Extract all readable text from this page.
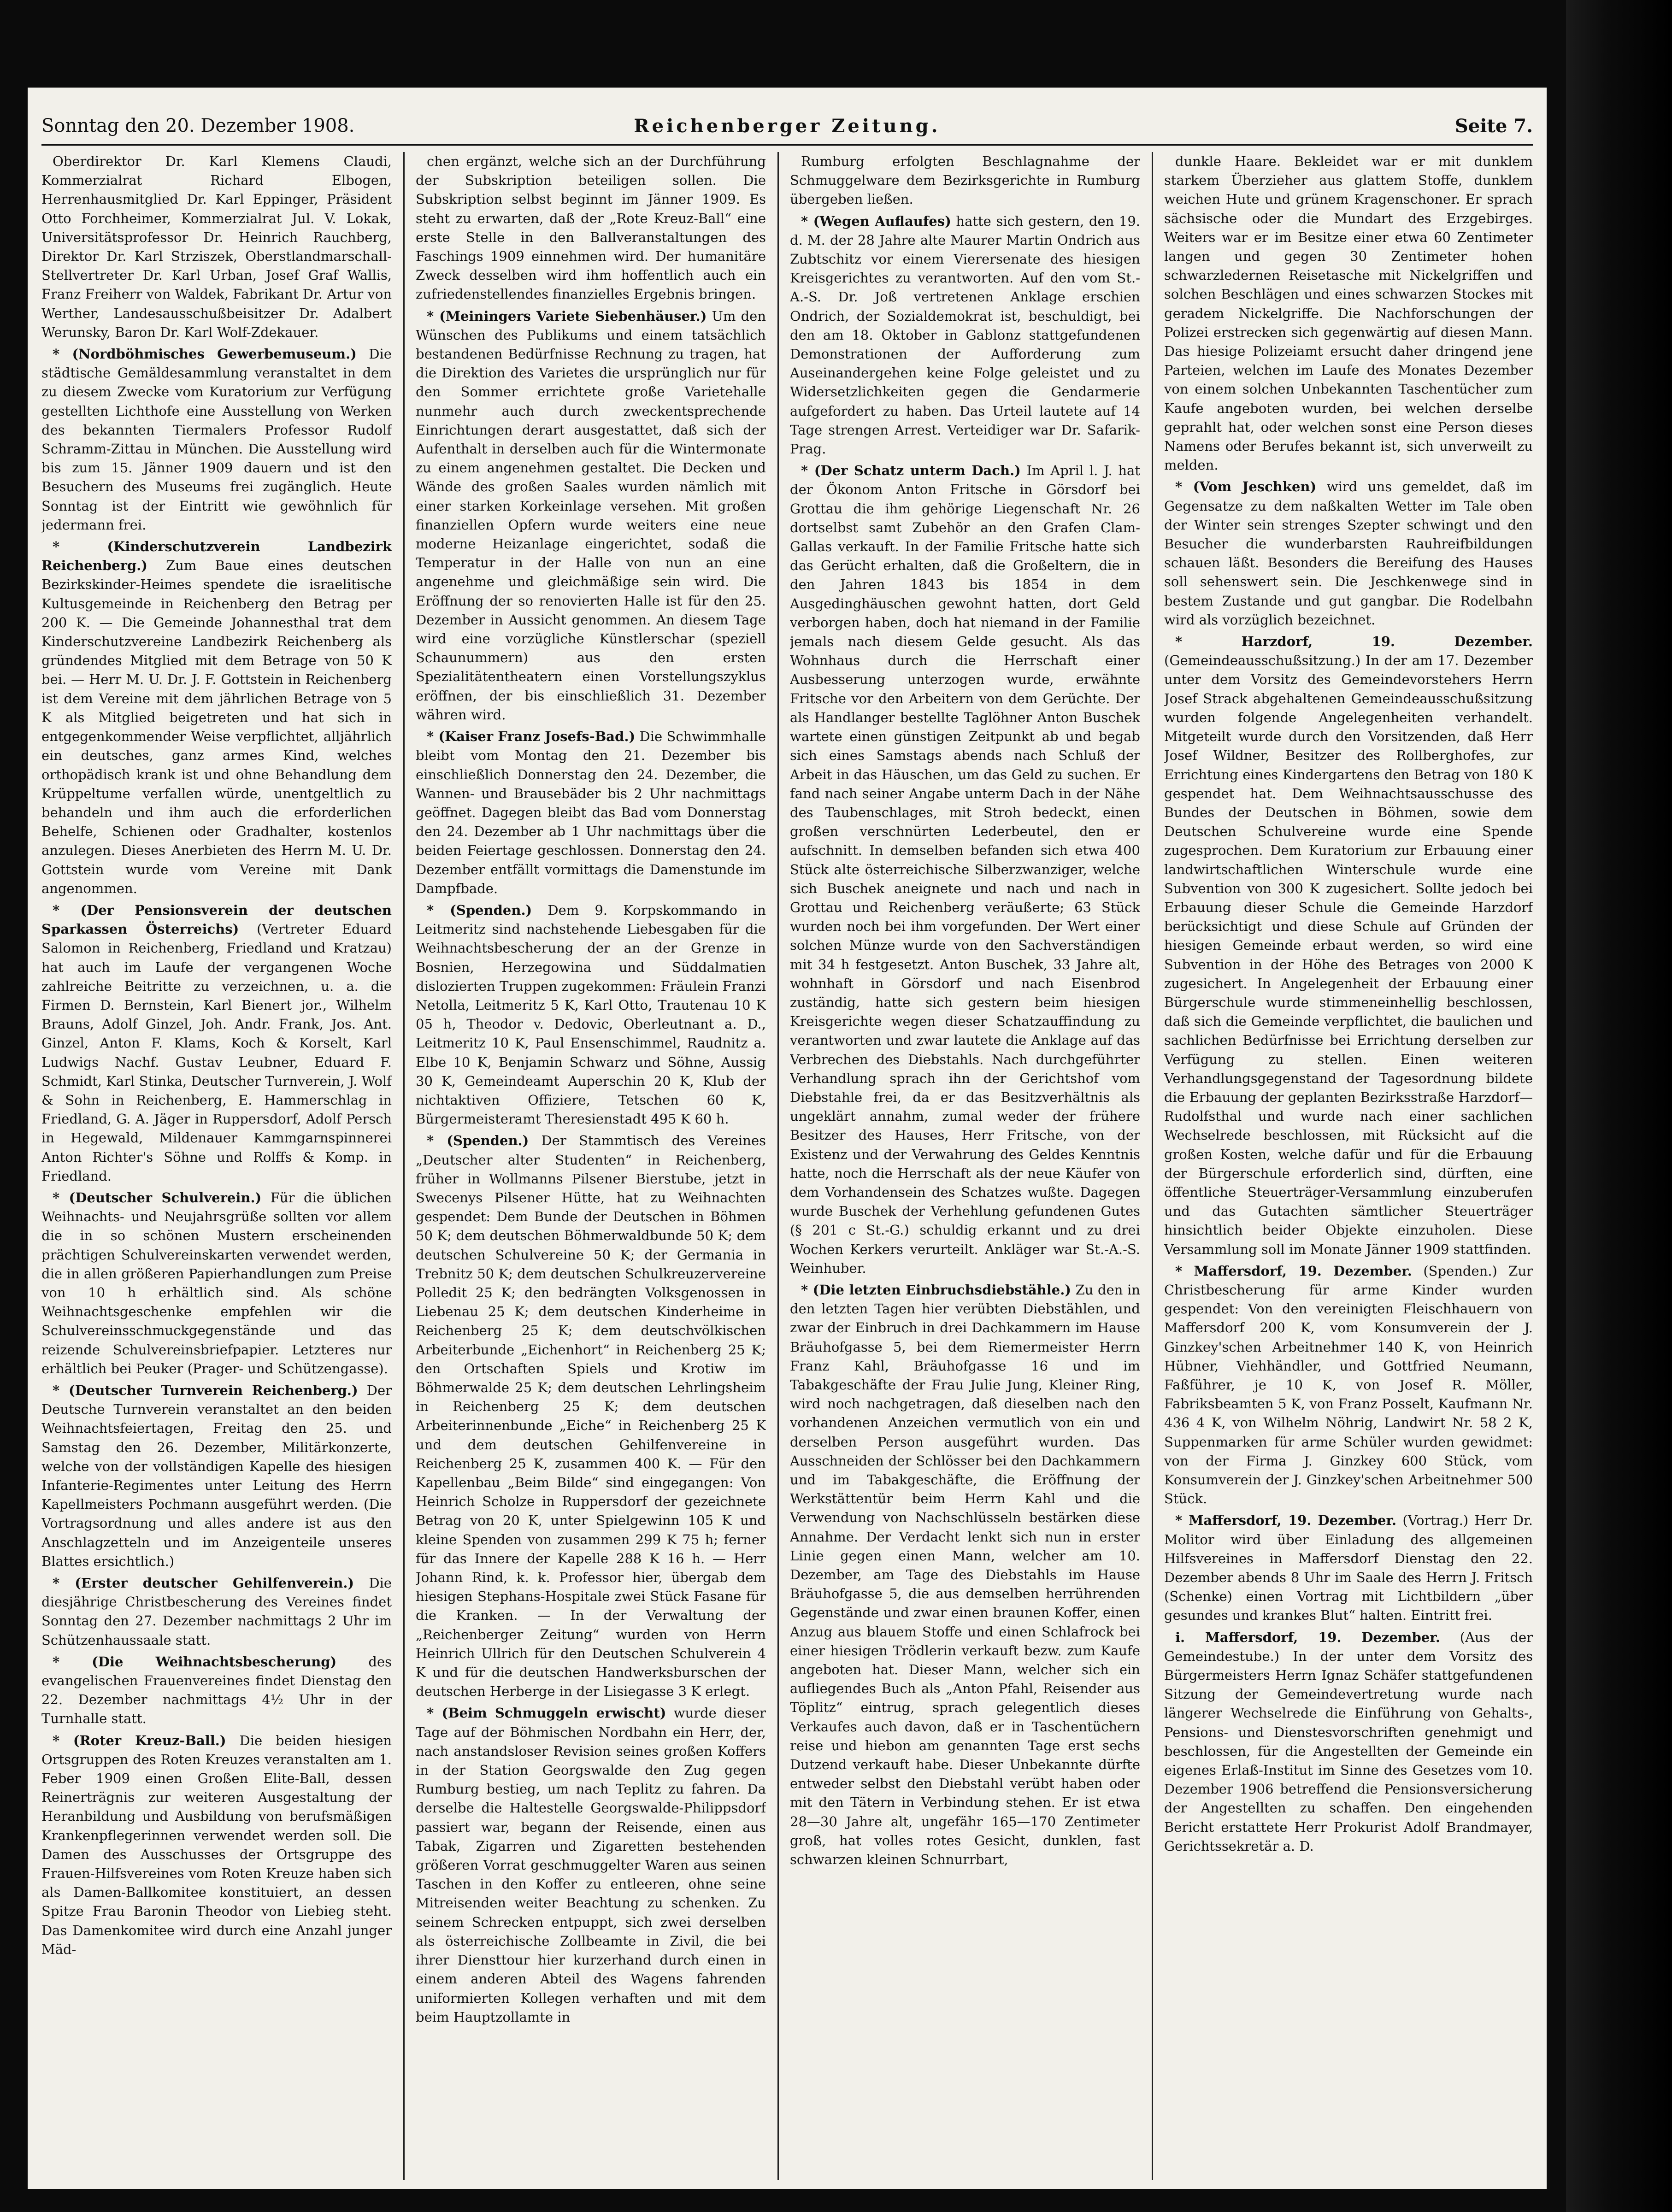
Sonntag den 20. Dezember 1908.	Reichenberger Zeitung.	Seite 7.

Oberdirektor Dr. Karl Klemens Claudi, Kommerzialrat Richard Elbogen, Herrenhausmitglied Dr. Karl Eppinger, Präsident Otto Forchheimer, Kommerzialrat Jul. V. Lokak, Universitätsprofessor Dr. Heinrich Rauchberg, Direktor Dr. Karl Strziszek, Oberstlandmarschall-Stellvertreter Dr. Karl Urban, Josef Graf Wallis, Franz Freiherr von Waldek, Fabrikant Dr. Artur von Werther, Landesausschußbeisitzer Dr. Adalbert Werunsky, Baron Dr. Karl Wolf-Zdekauer.

* (Nordböhmisches Gewerbemuseum.) Die städtische Gemäldesammlung veranstaltet in dem zu diesem Zwecke vom Kuratorium zur Verfügung gestellten Lichthofe eine Ausstellung von Werken des bekannten Tiermalers Professor Rudolf Schramm-Zittau in München. Die Ausstellung wird bis zum 15. Jänner 1909 dauern und ist den Besuchern des Museums frei zugänglich. Heute Sonntag ist der Eintritt wie gewöhnlich für jedermann frei.

* (Kinderschutzverein Landbezirk Reichenberg.) Zum Baue eines deutschen Bezirkskinder-Heimes spendete die israelitische Kultusgemeinde in Reichenberg den Betrag per 200 K. — Die Gemeinde Johannesthal trat dem Kinderschutzvereine Landbezirk Reichenberg als gründendes Mitglied mit dem Betrage von 50 K bei. — Herr M. U. Dr. J. F. Gottstein in Reichenberg ist dem Vereine mit dem jährlichen Betrage von 5 K als Mitglied beigetreten und hat sich in entgegenkommender Weise verpflichtet, alljährlich ein deutsches, ganz armes Kind, welches orthopädisch krank ist und ohne Behandlung dem Krüppeltume verfallen würde, unentgeltlich zu behandeln und ihm auch die erforderlichen Behelfe, Schienen oder Gradhalter, kostenlos anzulegen. Dieses Anerbieten des Herrn M. U. Dr. Gottstein wurde vom Vereine mit Dank angenommen.

* (Der Pensionsverein der deutschen Sparkassen Österreichs) (Vertreter Eduard Salomon in Reichenberg, Friedland und Kratzau) hat auch im Laufe der vergangenen Woche zahlreiche Beitritte zu verzeichnen, u. a. die Firmen D. Bernstein, Karl Bienert jor., Wilhelm Brauns, Adolf Ginzel, Joh. Andr. Frank, Jos. Ant. Ginzel, Anton F. Klams, Koch & Korselt, Karl Ludwigs Nachf. Gustav Leubner, Eduard F. Schmidt, Karl Stinka, Deutscher Turnverein, J. Wolf & Sohn in Reichenberg, E. Hammerschlag in Friedland, G. A. Jäger in Ruppersdorf, Adolf Persch in Hegewald, Mildenauer Kammgarnspinnerei Anton Richter's Söhne und Rolffs & Komp. in Friedland.

* (Deutscher Schulverein.) Für die üblichen Weihnachts- und Neujahrsgrüße sollten vor allem die in so schönen Mustern erscheinenden prächtigen Schulvereinskarten verwendet werden, die in allen größeren Papierhandlungen zum Preise von 10 h erhältlich sind. Als schöne Weihnachtsgeschenke empfehlen wir die Schulvereinsschmuckgegenstände und das reizende Schulvereinsbriefpapier. Letzteres nur erhältlich bei Peuker (Prager- und Schützengasse).

* (Deutscher Turnverein Reichenberg.) Der Deutsche Turnverein veranstaltet an den beiden Weihnachtsfeiertagen, Freitag den 25. und Samstag den 26. Dezember, Militärkonzerte, welche von der vollständigen Kapelle des hiesigen Infanterie-Regimentes unter Leitung des Herrn Kapellmeisters Pochmann ausgeführt werden. (Die Vortragsordnung und alles andere ist aus den Anschlagzetteln und im Anzeigenteile unseres Blattes ersichtlich.)

* (Erster deutscher Gehilfenverein.) Die diesjährige Christbescherung des Vereines findet Sonntag den 27. Dezember nachmittags 2 Uhr im Schützenhaussaale statt.

* (Die Weihnachtsbescherung) des evangelischen Frauenvereines findet Dienstag den 22. Dezember nachmittags 4½ Uhr in der Turnhalle statt.

* (Roter Kreuz-Ball.) Die beiden hiesigen Ortsgruppen des Roten Kreuzes veranstalten am 1. Feber 1909 einen Großen Elite-Ball, dessen Reinerträgnis zur weiteren Ausgestaltung der Heranbildung und Ausbildung von berufsmäßigen Krankenpflegerinnen verwendet werden soll. Die Damen des Ausschusses der Ortsgruppe des Frauen-Hilfsvereines vom Roten Kreuze haben sich als Damen-Ballkomitee konstituiert, an dessen Spitze Frau Baronin Theodor von Liebieg steht. Das Damenkomitee wird durch eine Anzahl junger Mäd-

chen ergänzt, welche sich an der Durchführung der Subskription beteiligen sollen. Die Subskription selbst beginnt im Jänner 1909. Es steht zu erwarten, daß der „Rote Kreuz-Ball“ eine erste Stelle in den Ballveranstaltungen des Faschings 1909 einnehmen wird. Der humanitäre Zweck desselben wird ihm hoffentlich auch ein zufriedenstellendes finanzielles Ergebnis bringen.

* (Meiningers Variete Siebenhäuser.) Um den Wünschen des Publikums und einem tatsächlich bestandenen Bedürfnisse Rechnung zu tragen, hat die Direktion des Varietes die ursprünglich nur für den Sommer errichtete große Varietehalle nunmehr auch durch zweckentsprechende Einrichtungen derart ausgestattet, daß sich der Aufenthalt in derselben auch für die Wintermonate zu einem angenehmen gestaltet. Die Decken und Wände des großen Saales wurden nämlich mit einer starken Korkeinlage versehen. Mit großen finanziellen Opfern wurde weiters eine neue moderne Heizanlage eingerichtet, sodaß die Temperatur in der Halle von nun an eine angenehme und gleichmäßige sein wird. Die Eröffnung der so renovierten Halle ist für den 25. Dezember in Aussicht genommen. An diesem Tage wird eine vorzügliche Künstlerschar (speziell Schaunummern) aus den ersten Spezialitätentheatern einen Vorstellungszyklus eröffnen, der bis einschließlich 31. Dezember währen wird.

* (Kaiser Franz Josefs-Bad.) Die Schwimmhalle bleibt vom Montag den 21. Dezember bis einschließlich Donnerstag den 24. Dezember, die Wannen- und Brausebäder bis 2 Uhr nachmittags geöffnet. Dagegen bleibt das Bad vom Donnerstag den 24. Dezember ab 1 Uhr nachmittags über die beiden Feiertage geschlossen. Donnerstag den 24. Dezember entfällt vormittags die Damenstunde im Dampfbade.

* (Spenden.) Dem 9. Korpskommando in Leitmeritz sind nachstehende Liebesgaben für die Weihnachtsbescherung der an der Grenze in Bosnien, Herzegowina und Süddalmatien dislozierten Truppen zugekommen: Fräulein Franzi Netolla, Leitmeritz 5 K, Karl Otto, Trautenau 10 K 05 h, Theodor v. Dedovic, Oberleutnant a. D., Leitmeritz 10 K, Paul Ensenschimmel, Raudnitz a. Elbe 10 K, Benjamin Schwarz und Söhne, Aussig 30 K, Gemeindeamt Auperschin 20 K, Klub der nichtaktiven Offiziere, Tetschen 60 K, Bürgermeisteramt Theresienstadt 495 K 60 h.

* (Spenden.) Der Stammtisch des Vereines „Deutscher alter Studenten“ in Reichenberg, früher in Wollmanns Pilsener Bierstube, jetzt in Swecenys Pilsener Hütte, hat zu Weihnachten gespendet: Dem Bunde der Deutschen in Böhmen 50 K; dem deutschen Böhmerwaldbunde 50 K; dem deutschen Schulvereine 50 K; der Germania in Trebnitz 50 K; dem deutschen Schulkreuzervereine Polledit 25 K; den bedrängten Volksgenossen in Liebenau 25 K; dem deutschen Kinderheime in Reichenberg 25 K; dem deutschvölkischen Arbeiterbunde „Eichenhort“ in Reichenberg 25 K; den Ortschaften Spiels und Krotiw im Böhmerwalde 25 K; dem deutschen Lehrlingsheim in Reichenberg 25 K; dem deutschen Arbeiterinnenbunde „Eiche“ in Reichenberg 25 K und dem deutschen Gehilfenvereine in Reichenberg 25 K, zusammen 400 K. — Für den Kapellenbau „Beim Bilde“ sind eingegangen: Von Heinrich Scholze in Ruppersdorf der gezeichnete Betrag von 20 K, unter Spielgewinn 105 K und kleine Spenden von zusammen 299 K 75 h; ferner für das Innere der Kapelle 288 K 16 h. — Herr Johann Rind, k. k. Professor hier, übergab dem hiesigen Stephans-Hospitale zwei Stück Fasane für die Kranken. — In der Verwaltung der „Reichenberger Zeitung“ wurden von Herrn Heinrich Ullrich für den Deutschen Schulverein 4 K und für die deutschen Handwerksburschen der deutschen Herberge in der Lisiegasse 3 K erlegt.

* (Beim Schmuggeln erwischt) wurde dieser Tage auf der Böhmischen Nordbahn ein Herr, der, nach anstandsloser Revision seines großen Koffers in der Station Georgswalde den Zug gegen Rumburg bestieg, um nach Teplitz zu fahren. Da derselbe die Haltestelle Georgswalde-Philippsdorf passiert war, begann der Reisende, einen aus Tabak, Zigarren und Zigaretten bestehenden größeren Vorrat geschmuggelter Waren aus seinen Taschen in den Koffer zu entleeren, ohne seine Mitreisenden weiter Beachtung zu schenken. Zu seinem Schrecken entpuppt, sich zwei derselben als österreichische Zollbeamte in Zivil, die bei ihrer Diensttour hier kurzerhand durch einen in einem anderen Abteil des Wagens fahrenden uniformierten Kollegen verhaften und mit dem beim Hauptzollamte in

Rumburg erfolgten Beschlagnahme der Schmuggelware dem Bezirksgerichte in Rumburg übergeben ließen.

* (Wegen Auflaufes) hatte sich gestern, den 19. d. M. der 28 Jahre alte Maurer Martin Ondrich aus Zubtschitz vor einem Vierersenate des hiesigen Kreisgerichtes zu verantworten. Auf den vom St.-A.-S. Dr. Joß vertretenen Anklage erschien Ondrich, der Sozialdemokrat ist, beschuldigt, bei den am 18. Oktober in Gablonz stattgefundenen Demonstrationen der Aufforderung zum Auseinandergehen keine Folge geleistet und zu Widersetzlichkeiten gegen die Gendarmerie aufgefordert zu haben. Das Urteil lautete auf 14 Tage strengen Arrest. Verteidiger war Dr. Safarik-Prag.

* (Der Schatz unterm Dach.) Im April l. J. hat der Ökonom Anton Fritsche in Görsdorf bei Grottau die ihm gehörige Liegenschaft Nr. 26 dortselbst samt Zubehör an den Grafen Clam-Gallas verkauft. In der Familie Fritsche hatte sich das Gerücht erhalten, daß die Großeltern, die in den Jahren 1843 bis 1854 in dem Ausgedinghäuschen gewohnt hatten, dort Geld verborgen haben, doch hat niemand in der Familie jemals nach diesem Gelde gesucht. Als das Wohnhaus durch die Herrschaft einer Ausbesserung unterzogen wurde, erwähnte Fritsche vor den Arbeitern von dem Gerüchte. Der als Handlanger bestellte Taglöhner Anton Buschek wartete einen günstigen Zeitpunkt ab und begab sich eines Samstags abends nach Schluß der Arbeit in das Häuschen, um das Geld zu suchen. Er fand nach seiner Angabe unterm Dach in der Nähe des Taubenschlages, mit Stroh bedeckt, einen großen verschnürten Lederbeutel, den er aufschnitt. In demselben befanden sich etwa 400 Stück alte österreichische Silberzwanziger, welche sich Buschek aneignete und nach und nach in Grottau und Reichenberg veräußerte; 63 Stück wurden noch bei ihm vorgefunden. Der Wert einer solchen Münze wurde von den Sachverständigen mit 34 h festgesetzt. Anton Buschek, 33 Jahre alt, wohnhaft in Görsdorf und nach Eisenbrod zuständig, hatte sich gestern beim hiesigen Kreisgerichte wegen dieser Schatzauffindung zu verantworten und zwar lautete die Anklage auf das Verbrechen des Diebstahls. Nach durchgeführter Verhandlung sprach ihn der Gerichtshof vom Diebstahle frei, da er das Besitzverhältnis als ungeklärt annahm, zumal weder der frühere Besitzer des Hauses, Herr Fritsche, von der Existenz und der Verwahrung des Geldes Kenntnis hatte, noch die Herrschaft als der neue Käufer von dem Vorhandensein des Schatzes wußte. Dagegen wurde Buschek der Verhehlung gefundenen Gutes (§ 201 c St.-G.) schuldig erkannt und zu drei Wochen Kerkers verurteilt. Ankläger war St.-A.-S. Weinhuber.

* (Die letzten Einbruchsdiebstähle.) Zu den in den letzten Tagen hier verübten Diebstählen, und zwar der Einbruch in drei Dachkammern im Hause Bräuhofgasse 5, bei dem Riemermeister Herrn Franz Kahl, Bräuhofgasse 16 und im Tabakgeschäfte der Frau Julie Jung, Kleiner Ring, wird noch nachgetragen, daß dieselben nach den vorhandenen Anzeichen vermutlich von ein und derselben Person ausgeführt wurden. Das Ausschneiden der Schlösser bei den Dachkammern und im Tabakgeschäfte, die Eröffnung der Werkstättentür beim Herrn Kahl und die Verwendung von Nachschlüsseln bestärken diese Annahme. Der Verdacht lenkt sich nun in erster Linie gegen einen Mann, welcher am 10. Dezember, am Tage des Diebstahls im Hause Bräuhofgasse 5, die aus demselben herrührenden Gegenstände und zwar einen braunen Koffer, einen Anzug aus blauem Stoffe und einen Schlafrock bei einer hiesigen Trödlerin verkauft bezw. zum Kaufe angeboten hat. Dieser Mann, welcher sich ein aufliegendes Buch als „Anton Pfahl, Reisender aus Töplitz“ eintrug, sprach gelegentlich dieses Verkaufes auch davon, daß er in Taschentüchern reise und hiebon am genannten Tage erst sechs Dutzend verkauft habe. Dieser Unbekannte dürfte entweder selbst den Diebstahl verübt haben oder mit den Tätern in Verbindung stehen. Er ist etwa 28—30 Jahre alt, ungefähr 165—170 Zentimeter groß, hat volles rotes Gesicht, dunklen, fast schwarzen kleinen Schnurrbart,

dunkle Haare. Bekleidet war er mit dunklem starkem Überzieher aus glattem Stoffe, dunklem weichen Hute und grünem Kragenschoner. Er sprach sächsische oder die Mundart des Erzgebirges. Weiters war er im Besitze einer etwa 60 Zentimeter langen und gegen 30 Zentimeter hohen schwarzledernen Reisetasche mit Nickelgriffen und solchen Beschlägen und eines schwarzen Stockes mit geradem Nickelgriffe. Die Nachforschungen der Polizei erstrecken sich gegenwärtig auf diesen Mann. Das hiesige Polizeiamt ersucht daher dringend jene Parteien, welchen im Laufe des Monates Dezember von einem solchen Unbekannten Taschentücher zum Kaufe angeboten wurden, bei welchen derselbe geprahlt hat, oder welchen sonst eine Person dieses Namens oder Berufes bekannt ist, sich unverweilt zu melden.

* (Vom Jeschken) wird uns gemeldet, daß im Gegensatze zu dem naßkalten Wetter im Tale oben der Winter sein strenges Szepter schwingt und den Besucher die wunderbarsten Rauhreifbildungen schauen läßt. Besonders die Bereifung des Hauses soll sehenswert sein. Die Jeschkenwege sind in bestem Zustande und gut gangbar. Die Rodelbahn wird als vorzüglich bezeichnet.

* Harzdorf, 19. Dezember. (Gemeindeausschußsitzung.) In der am 17. Dezember unter dem Vorsitz des Gemeindevorstehers Herrn Josef Strack abgehaltenen Gemeindeausschußsitzung wurden folgende Angelegenheiten verhandelt. Mitgeteilt wurde durch den Vorsitzenden, daß Herr Josef Wildner, Besitzer des Rollberghofes, zur Errichtung eines Kindergartens den Betrag von 180 K gespendet hat. Dem Weihnachtsausschusse des Bundes der Deutschen in Böhmen, sowie dem Deutschen Schulvereine wurde eine Spende zugesprochen. Dem Kuratorium zur Erbauung einer landwirtschaftlichen Winterschule wurde eine Subvention von 300 K zugesichert. Sollte jedoch bei Erbauung dieser Schule die Gemeinde Harzdorf berücksichtigt und diese Schule auf Gründen der hiesigen Gemeinde erbaut werden, so wird eine Subvention in der Höhe des Betrages von 2000 K zugesichert. In Angelegenheit der Erbauung einer Bürgerschule wurde stimmeneinhellig beschlossen, daß sich die Gemeinde verpflichtet, die baulichen und sachlichen Bedürfnisse bei Errichtung derselben zur Verfügung zu stellen. Einen weiteren Verhandlungsgegenstand der Tagesordnung bildete die Erbauung der geplanten Bezirksstraße Harzdorf—Rudolfsthal und wurde nach einer sachlichen Wechselrede beschlossen, mit Rücksicht auf die großen Kosten, welche dafür und für die Erbauung der Bürgerschule erforderlich sind, dürften, eine öffentliche Steuerträger-Versammlung einzuberufen und das Gutachten sämtlicher Steuerträger hinsichtlich beider Objekte einzuholen. Diese Versammlung soll im Monate Jänner 1909 stattfinden.

* Maffersdorf, 19. Dezember. (Spenden.) Zur Christbescherung für arme Kinder wurden gespendet: Von den vereinigten Fleischhauern von Maffersdorf 200 K, vom Konsumverein der J. Ginzkey'schen Arbeitnehmer 140 K, von Heinrich Hübner, Viehhändler, und Gottfried Neumann, Faßführer, je 10 K, von Josef R. Möller, Fabriksbeamten 5 K, von Franz Posselt, Kaufmann Nr. 436 4 K, von Wilhelm Nöhrig, Landwirt Nr. 58 2 K, Suppenmarken für arme Schüler wurden gewidmet: von der Firma J. Ginzkey 600 Stück, vom Konsumverein der J. Ginzkey'schen Arbeitnehmer 500 Stück.

* Maffersdorf, 19. Dezember. (Vortrag.) Herr Dr. Molitor wird über Einladung des allgemeinen Hilfsvereines in Maffersdorf Dienstag den 22. Dezember abends 8 Uhr im Saale des Herrn J. Fritsch (Schenke) einen Vortrag mit Lichtbildern „über gesundes und krankes Blut“ halten. Eintritt frei.

i. Maffersdorf, 19. Dezember. (Aus der Gemeindestube.) In der unter dem Vorsitz des Bürgermeisters Herrn Ignaz Schäfer stattgefundenen Sitzung der Gemeindevertretung wurde nach längerer Wechselrede die Einführung von Gehalts-, Pensions- und Dienstesvorschriften genehmigt und beschlossen, für die Angestellten der Gemeinde ein eigenes Erlaß-Institut im Sinne des Gesetzes vom 10. Dezember 1906 betreffend die Pensionsversicherung der Angestellten zu schaffen. Den eingehenden Bericht erstattete Herr Prokurist Adolf Brandmayer, Gerichtssekretär a. D.
